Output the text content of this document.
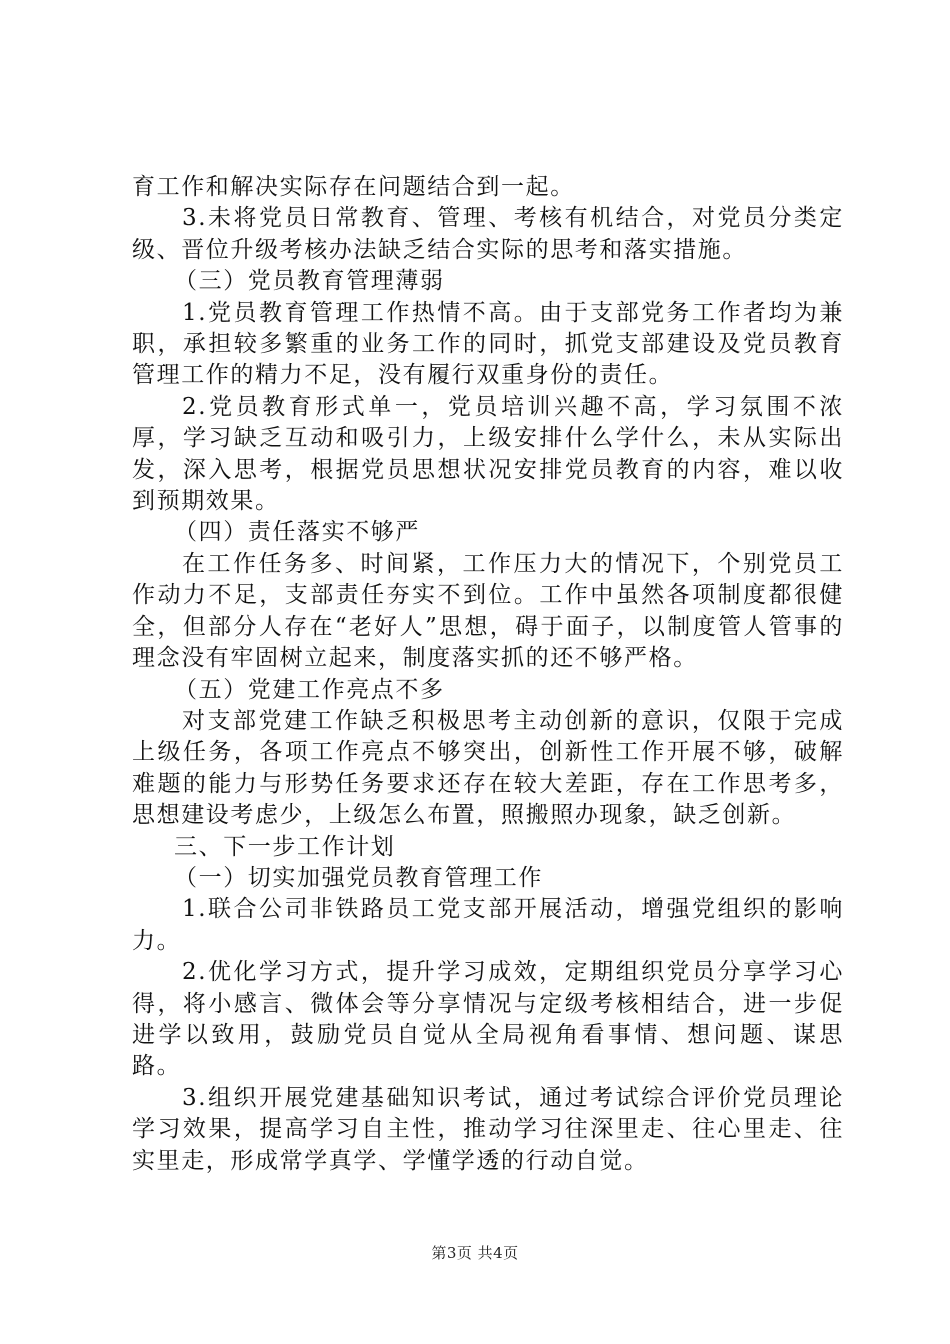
育工作和解决实际存在问题结合到一起。

3.未将党员日常教育、管理、考核有机结合，对党员分类定级、晋位升级考核办法缺乏结合实际的思考和落实措施。

（三）党员教育管理薄弱

1.党员教育管理工作热情不高。由于支部党务工作者均为兼职，承担较多繁重的业务工作的同时，抓党支部建设及党员教育管理工作的精力不足，没有履行双重身份的责任。

2.党员教育形式单一，党员培训兴趣不高，学习氛围不浓厚，学习缺乏互动和吸引力，上级安排什么学什么，未从实际出发，深入思考，根据党员思想状况安排党员教育的内容，难以收到预期效果。

（四）责任落实不够严

在工作任务多、时间紧，工作压力大的情况下，个别党员工作动力不足，支部责任夯实不到位。工作中虽然各项制度都很健全，但部分人存在“老好人”思想，碍于面子，以制度管人管事的理念没有牢固树立起来，制度落实抓的还不够严格。

（五）党建工作亮点不多

对支部党建工作缺乏积极思考主动创新的意识，仅限于完成上级任务，各项工作亮点不够突出，创新性工作开展不够，破解难题的能力与形势任务要求还存在较大差距，存在工作思考多，思想建设考虑少，上级怎么布置，照搬照办现象，缺乏创新。

三、下一步工作计划

（一）切实加强党员教育管理工作

1.联合公司非铁路员工党支部开展活动，增强党组织的影响力。

2.优化学习方式，提升学习成效，定期组织党员分享学习心得，将小感言、微体会等分享情况与定级考核相结合，进一步促进学以致用，鼓励党员自觉从全局视角看事情、想问题、谋思路。

3.组织开展党建基础知识考试，通过考试综合评价党员理论学习效果，提高学习自主性，推动学习往深里走、往心里走、往实里走，形成常学真学、学懂学透的行动自觉。

第3页 共4页
